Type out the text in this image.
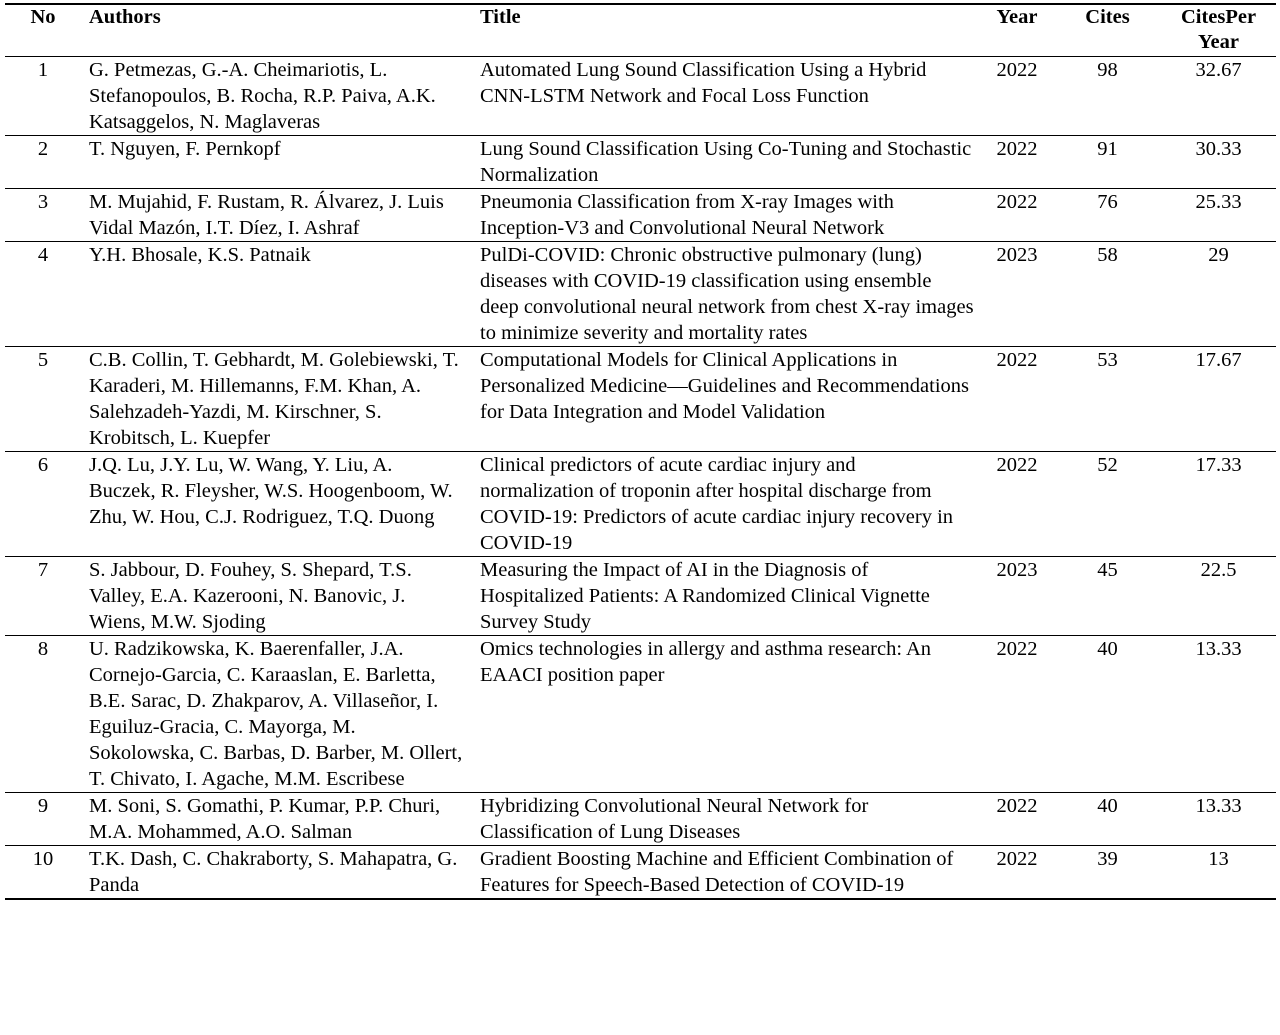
No	Authors	Title	Year	Cites	CitesPer Year
1	G. Petmezas, G.-A. Cheimariotis, L. Stefanopoulos, B. Rocha, R.P. Paiva, A.K. Katsaggelos, N. Maglaveras	Automated Lung Sound Classification Using a Hybrid CNN-LSTM Network and Focal Loss Function	2022	98	32.67
2	T. Nguyen, F. Pernkopf	Lung Sound Classification Using Co-Tuning and Stochastic Normalization	2022	91	30.33
3	M. Mujahid, F. Rustam, R. Álvarez, J. Luis Vidal Mazón, I.T. Díez, I. Ashraf	Pneumonia Classification from X-ray Images with Inception-V3 and Convolutional Neural Network	2022	76	25.33
4	Y.H. Bhosale, K.S. Patnaik	PulDi-COVID: Chronic obstructive pulmonary (lung) diseases with COVID-19 classification using ensemble deep convolutional neural network from chest X-ray images to minimize severity and mortality rates	2023	58	29
5	C.B. Collin, T. Gebhardt, M. Golebiewski, T. Karaderi, M. Hillemanns, F.M. Khan, A. Salehzadeh-Yazdi, M. Kirschner, S. Krobitsch, L. Kuepfer	Computational Models for Clinical Applications in Personalized Medicine—Guidelines and Recommendations for Data Integration and Model Validation	2022	53	17.67
6	J.Q. Lu, J.Y. Lu, W. Wang, Y. Liu, A. Buczek, R. Fleysher, W.S. Hoogenboom, W. Zhu, W. Hou, C.J. Rodriguez, T.Q. Duong	Clinical predictors of acute cardiac injury and normalization of troponin after hospital discharge from COVID-19: Predictors of acute cardiac injury recovery in COVID-19	2022	52	17.33
7	S. Jabbour, D. Fouhey, S. Shepard, T.S. Valley, E.A. Kazerooni, N. Banovic, J. Wiens, M.W. Sjoding	Measuring the Impact of AI in the Diagnosis of Hospitalized Patients: A Randomized Clinical Vignette Survey Study	2023	45	22.5
8	U. Radzikowska, K. Baerenfaller, J.A. Cornejo-Garcia, C. Karaaslan, E. Barletta, B.E. Sarac, D. Zhakparov, A. Villaseñor, I. Eguiluz-Gracia, C. Mayorga, M. Sokolowska, C. Barbas, D. Barber, M. Ollert, T. Chivato, I. Agache, M.M. Escribese	Omics technologies in allergy and asthma research: An EAACI position paper	2022	40	13.33
9	M. Soni, S. Gomathi, P. Kumar, P.P. Churi, M.A. Mohammed, A.O. Salman	Hybridizing Convolutional Neural Network for Classification of Lung Diseases	2022	40	13.33
10	T.K. Dash, C. Chakraborty, S. Mahapatra, G. Panda	Gradient Boosting Machine and Efficient Combination of Features for Speech-Based Detection of COVID-19	2022	39	13
